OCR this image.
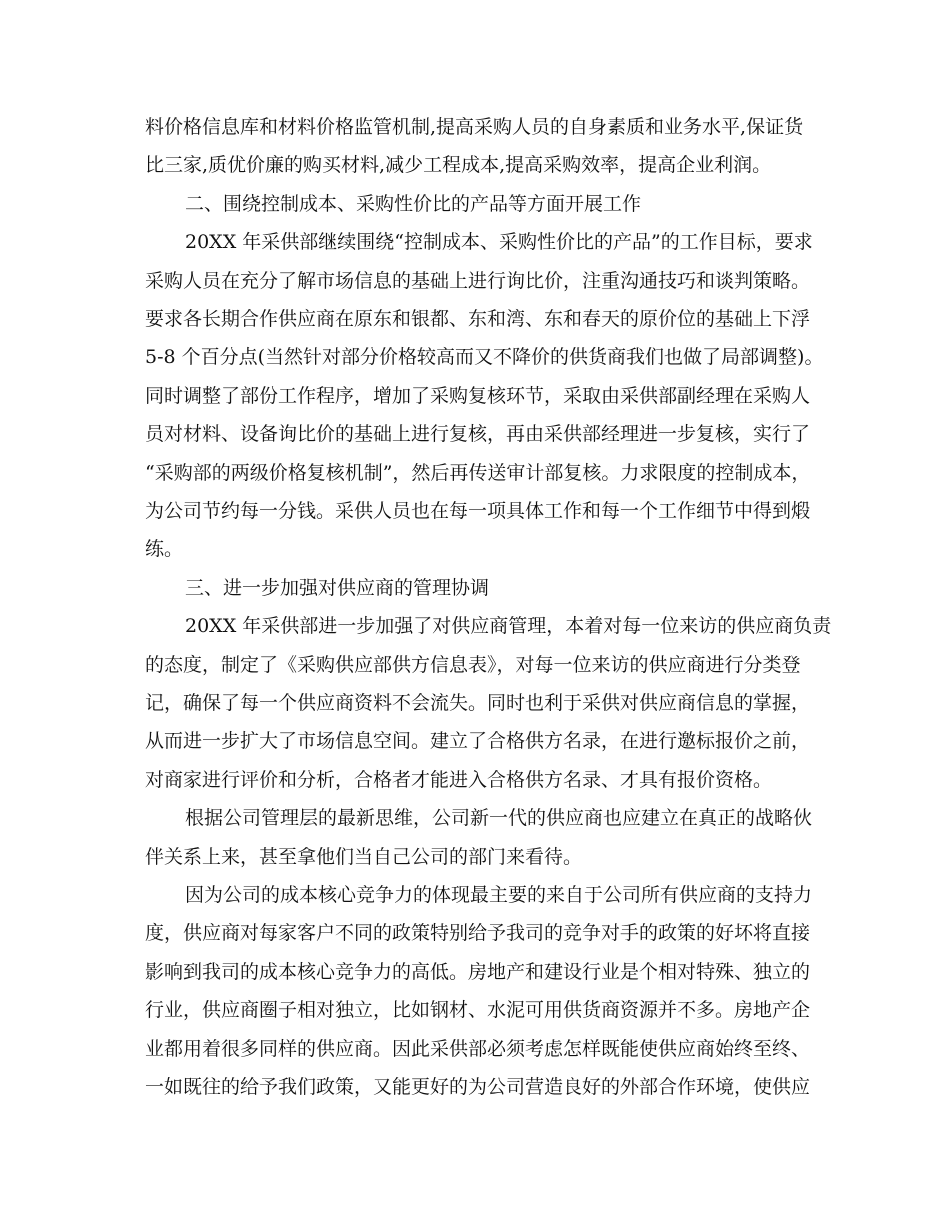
料价格信息库和材料价格监管机制,提高采购人员的自身素质和业务水平,保证货
比三家,质优价廉的购买材料,减少工程成本,提高采购效率，提高企业利润。
二、围绕控制成本、采购性价比的产品等方面开展工作
20XX 年采供部继续围绕“控制成本、采购性价比的产品”的工作目标，要求
采购人员在充分了解市场信息的基础上进行询比价，注重沟通技巧和谈判策略。
要求各长期合作供应商在原东和银都、东和湾、东和春天的原价位的基础上下浮
5-8 个百分点(当然针对部分价格较高而又不降价的供货商我们也做了局部调整)。
同时调整了部份工作程序，增加了采购复核环节，采取由采供部副经理在采购人
员对材料、设备询比价的基础上进行复核，再由采供部经理进一步复核，实行了
“采购部的两级价格复核机制”，然后再传送审计部复核。力求限度的控制成本，
为公司节约每一分钱。采供人员也在每一项具体工作和每一个工作细节中得到煅
练。
三、进一步加强对供应商的管理协调
20XX 年采供部进一步加强了对供应商管理，本着对每一位来访的供应商负责
的态度，制定了《采购供应部供方信息表》，对每一位来访的供应商进行分类登
记，确保了每一个供应商资料不会流失。同时也利于采供对供应商信息的掌握，
从而进一步扩大了市场信息空间。建立了合格供方名录，在进行邀标报价之前，
对商家进行评价和分析，合格者才能进入合格供方名录、才具有报价资格。
根据公司管理层的最新思维，公司新一代的供应商也应建立在真正的战略伙
伴关系上来，甚至拿他们当自己公司的部门来看待。
因为公司的成本核心竞争力的体现最主要的来自于公司所有供应商的支持力
度，供应商对每家客户不同的政策特别给予我司的竞争对手的政策的好坏将直接
影响到我司的成本核心竞争力的高低。房地产和建设行业是个相对特殊、独立的
行业，供应商圈子相对独立，比如钢材、水泥可用供货商资源并不多。房地产企
业都用着很多同样的供应商。因此采供部必须考虑怎样既能使供应商始终至终、
一如既往的给予我们政策，又能更好的为公司营造良好的外部合作环境，使供应
